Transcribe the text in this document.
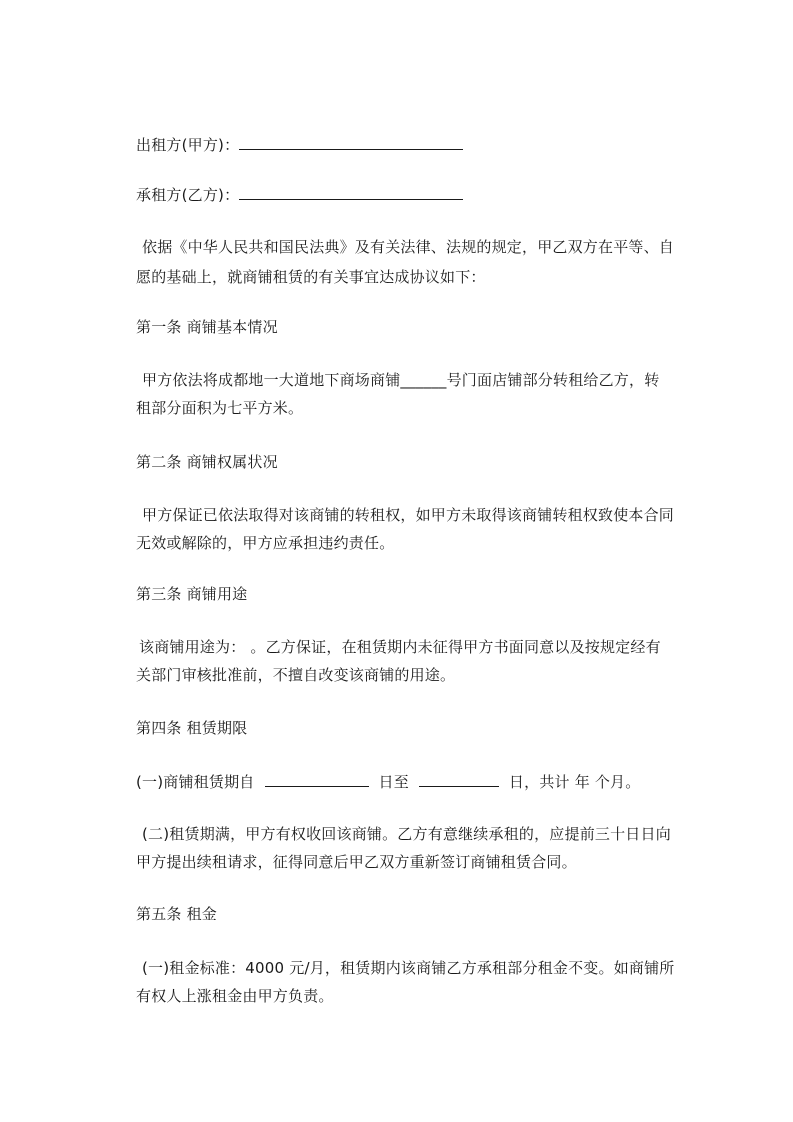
出租方(甲方)：
承租方(乙方)：
依据《中华人民共和国民法典》及有关法律、法规的规定，甲乙双方在平等、自
愿的基础上，就商铺租赁的有关事宜达成协议如下：
第一条 商铺基本情况
甲方依法将成都地一大道地下商场商铺______号门面店铺部分转租给乙方，转
租部分面积为七平方米。
第二条 商铺权属状况
甲方保证已依法取得对该商铺的转租权，如甲方未取得该商铺转租权致使本合同
无效或解除的，甲方应承担违约责任。
第三条 商铺用途
该商铺用途为： 。乙方保证，在租赁期内未征得甲方书面同意以及按规定经有
关部门审核批准前，不擅自改变该商铺的用途。
第四条 租赁期限
(一)商铺租赁期自	日至	日，共计 年 个月。
(二)租赁期满，甲方有权收回该商铺。乙方有意继续承租的，应提前三十日日向
甲方提出续租请求，征得同意后甲乙双方重新签订商铺租赁合同。
第五条 租金
(一)租金标准：4000 元/月，租赁期内该商铺乙方承租部分租金不变。如商铺所
有权人上涨租金由甲方负责。
